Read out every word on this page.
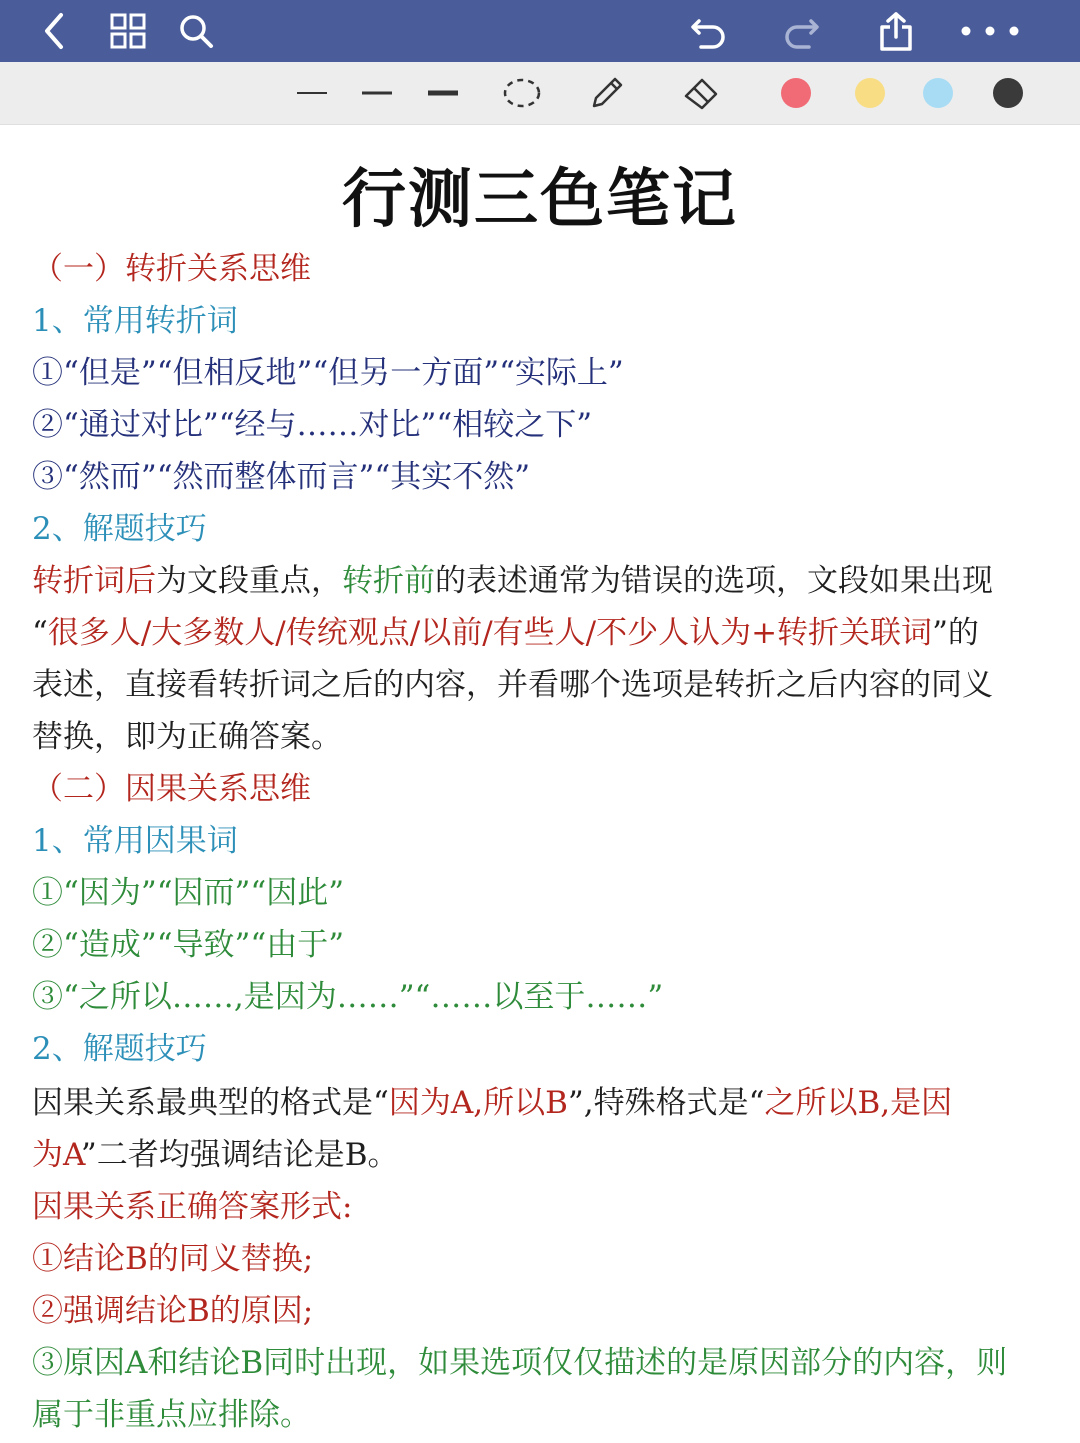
行测三色笔记
（一）转折关系思维
1、常用转折词
①“但是”“但相反地”“但另一方面”“实际上”
②“通过对比”“经与……对比”“相较之下”
③“然而”“然而整体而言”“其实不然”
2、解题技巧
转折词后为文段重点，转折前的表述通常为错误的选项，文段如果出现
“很多人/大多数人/传统观点/以前/有些人/不少人认为+转折关联词”的
表述，直接看转折词之后的内容，并看哪个选项是转折之后内容的同义
替换，即为正确答案。
（二）因果关系思维
1、常用因果词
①“因为”“因而”“因此”
②“造成”“导致”“由于”
③“之所以……,是因为……”“……以至于……”
2、解题技巧
因果关系最典型的格式是“因为A,所以B”,特殊格式是“之所以B,是因
为A”二者均强调结论是B。
因果关系正确答案形式:
①结论B的同义替换;
②强调结论B的原因;
③原因A和结论B同时出现，如果选项仅仅描述的是原因部分的内容，则
属于非重点应排除。
